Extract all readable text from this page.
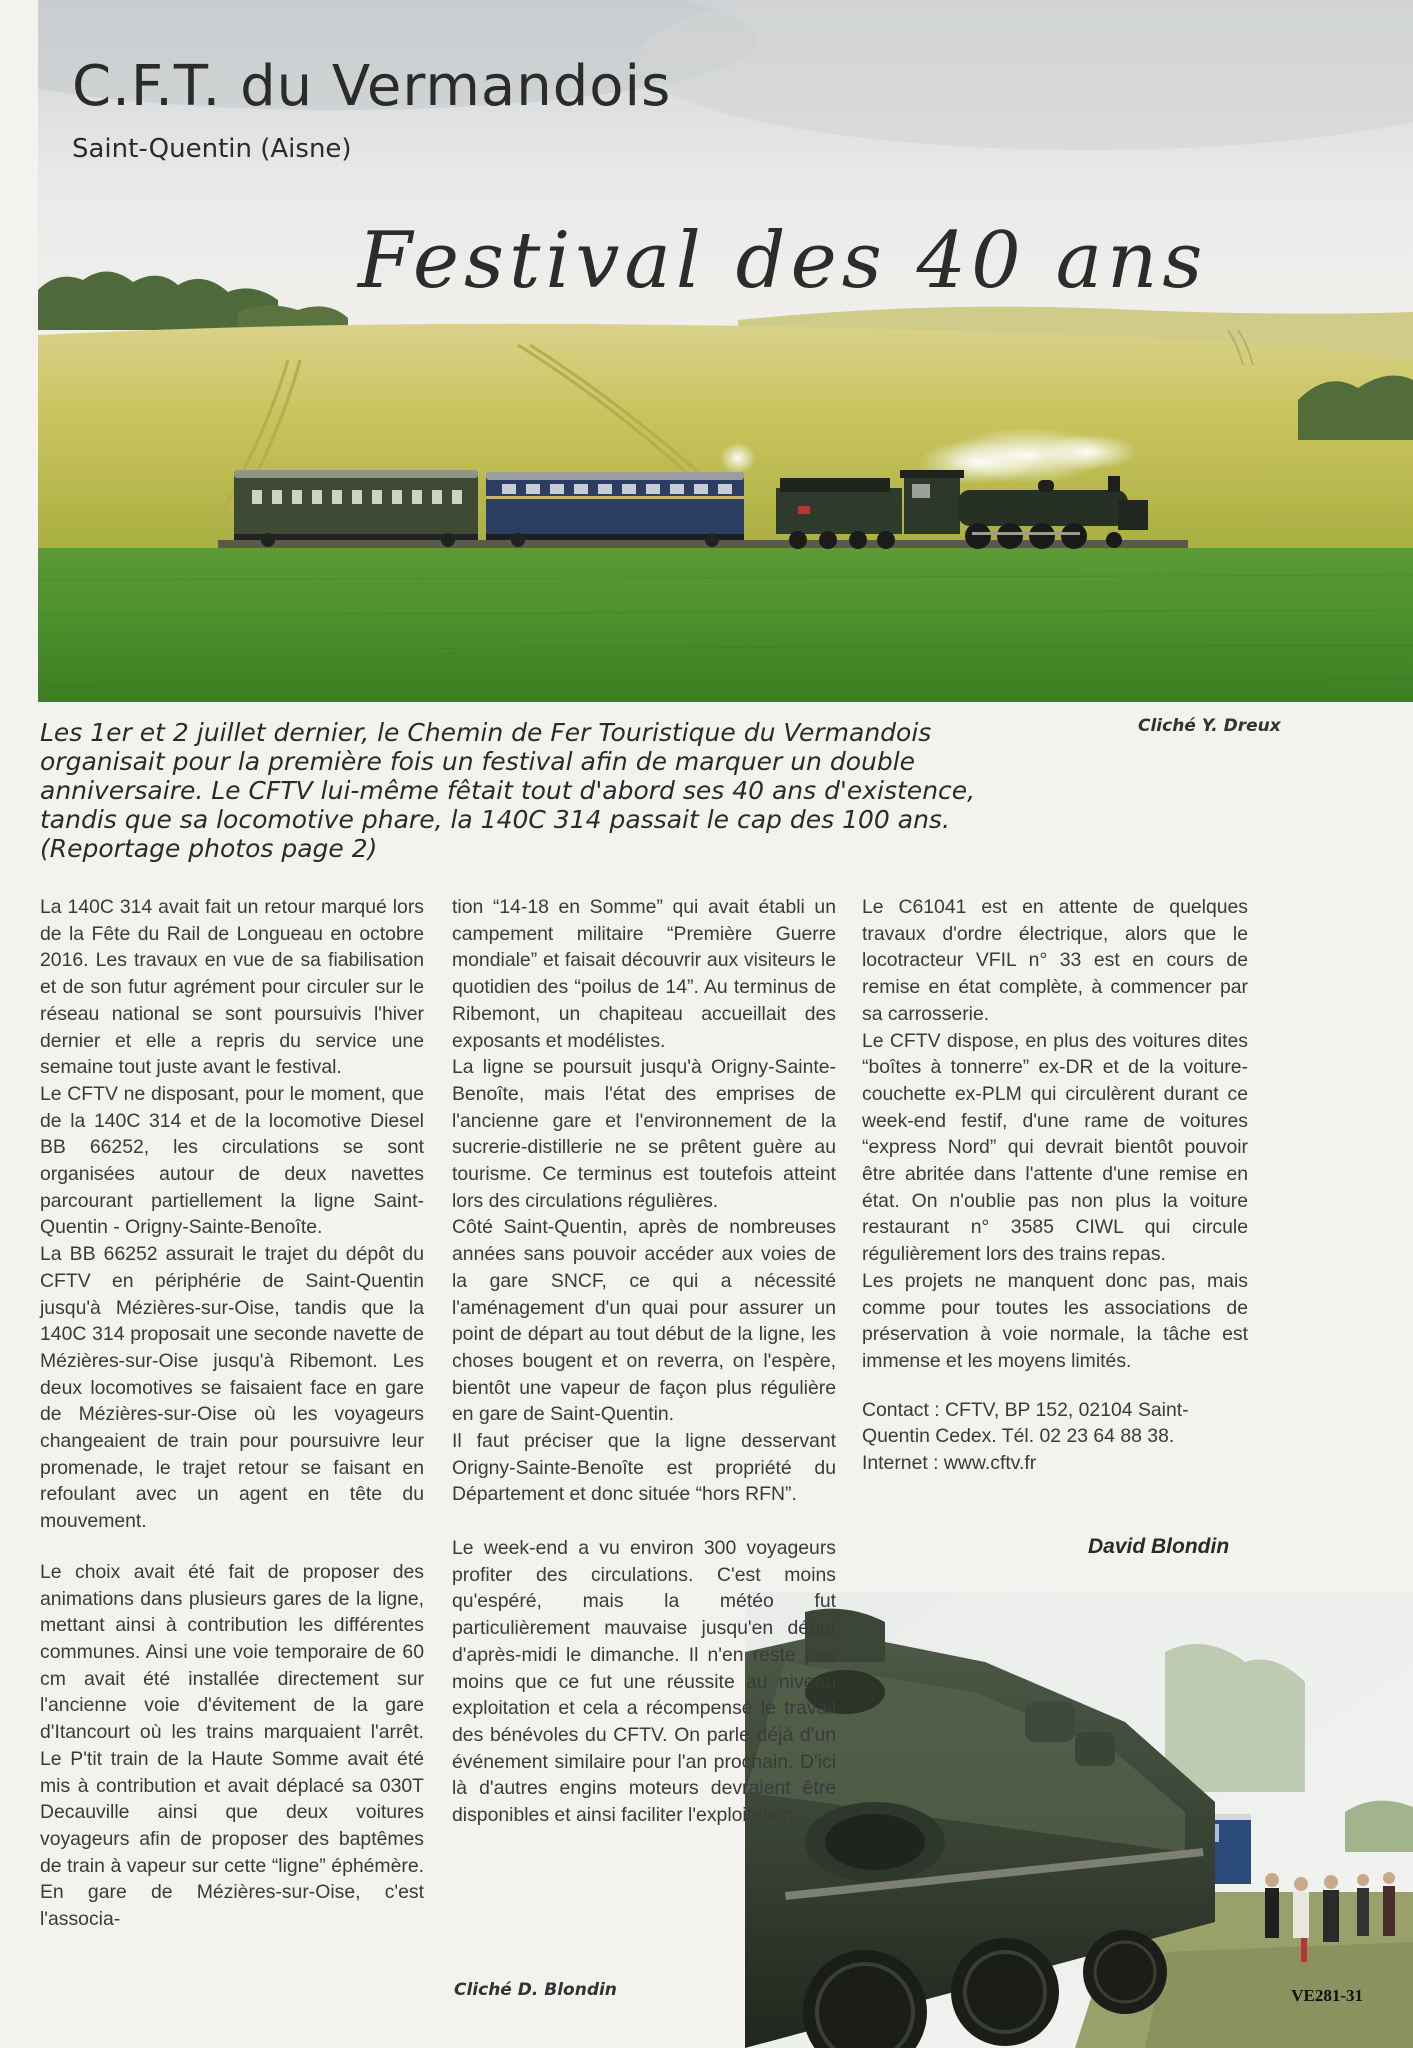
C.F.T. du Vermandois

Saint-Quentin (Aisne)

Festival des 40 ans

Les 1er et 2 juillet dernier, le Chemin de Fer Touristique du Vermandois organisait pour la première fois un festival afin de marquer un double anniversaire. Le CFTV lui-même fêtait tout d'abord ses 40 ans d'existence, tandis que sa locomotive phare, la 140C 314 passait le cap des 100 ans. (Reportage photos page 2)

Cliché Y. Dreux

La 140C 314 avait fait un retour marqué lors de la Fête du Rail de Longueau en octobre 2016. Les travaux en vue de sa fiabilisation et de son futur agrément pour circuler sur le réseau national se sont poursuivis l'hiver dernier et elle a repris du service une semaine tout juste avant le festival.

Le CFTV ne disposant, pour le moment, que de la 140C 314 et de la locomotive Diesel BB 66252, les circulations se sont organisées autour de deux navettes parcourant partiellement la ligne Saint-Quentin - Origny-Sainte-Benoîte.

La BB 66252 assurait le trajet du dépôt du CFTV en périphérie de Saint-Quentin jusqu'à Mézières-sur-Oise, tandis que la 140C 314 proposait une seconde navette de Mézières-sur-Oise jusqu'à Ribemont. Les deux locomotives se faisaient face en gare de Mézières-sur-Oise où les voyageurs changeaient de train pour poursuivre leur promenade, le trajet retour se faisant en refoulant avec un agent en tête du mouvement.

Le choix avait été fait de proposer des animations dans plusieurs gares de la ligne, mettant ainsi à contribution les différentes communes. Ainsi une voie temporaire de 60 cm avait été installée directement sur l'ancienne voie d'évitement de la gare d'Itancourt où les trains marquaient l'arrêt. Le P'tit train de la Haute Somme avait été mis à contribution et avait déplacé sa 030T Decauville ainsi que deux voitures voyageurs afin de proposer des baptêmes de train à vapeur sur cette “ligne” éphémère. En gare de Mézières-sur-Oise, c'est l'associa-

tion “14-18 en Somme” qui avait établi un campement militaire “Première Guerre mondiale” et faisait découvrir aux visiteurs le quotidien des “poilus de 14”. Au terminus de Ribemont, un chapiteau accueillait des exposants et modélistes.

La ligne se poursuit jusqu'à Origny-Sainte-Benoîte, mais l'état des emprises de l'ancienne gare et l'environnement de la sucrerie-distillerie ne se prêtent guère au tourisme. Ce terminus est toutefois atteint lors des circulations régulières.

Côté Saint-Quentin, après de nombreuses années sans pouvoir accéder aux voies de la gare SNCF, ce qui a nécessité l'aménagement d'un quai pour assurer un point de départ au tout début de la ligne, les choses bougent et on reverra, on l'espère, bientôt une vapeur de façon plus régulière en gare de Saint-Quentin.

Il faut préciser que la ligne desservant Origny-Sainte-Benoîte est propriété du Département et donc située “hors RFN”.

Le C61041 est en attente de quelques travaux d'ordre électrique, alors que le locotracteur VFIL n° 33 est en cours de remise en état complète, à commencer par sa carrosserie.

Le CFTV dispose, en plus des voitures dites “boîtes à tonnerre” ex-DR et de la voiture-couchette ex-PLM qui circulèrent durant ce week-end festif, d'une rame de voitures “express Nord” qui devrait bientôt pouvoir être abritée dans l'attente d'une remise en état. On n'oublie pas non plus la voiture restaurant n° 3585 CIWL qui circule régulièrement lors des trains repas.

Les projets ne manquent donc pas, mais comme pour toutes les associations de préservation à voie normale, la tâche est immense et les moyens limités.

Contact : CFTV, BP 152, 02104 Saint-Quentin Cedex. Tél. 02 23 64 88 38.

Internet : www.cftv.fr

David Blondin

VE281-31

Le week-end a vu environ 300 voyageurs profiter des circulations. C'est moins qu'espéré, mais la météo fut particulièrement mauvaise jusqu'en début d'après-midi le dimanche. Il n'en reste pas moins que ce fut une réussite au niveau exploitation et cela a récompensé le travail des bénévoles du CFTV. On parle déjà d'un événement similaire pour l'an prochain. D'ici là d'autres engins moteurs devraient être disponibles et ainsi faciliter l'exploitation.

Cliché D. Blondin
